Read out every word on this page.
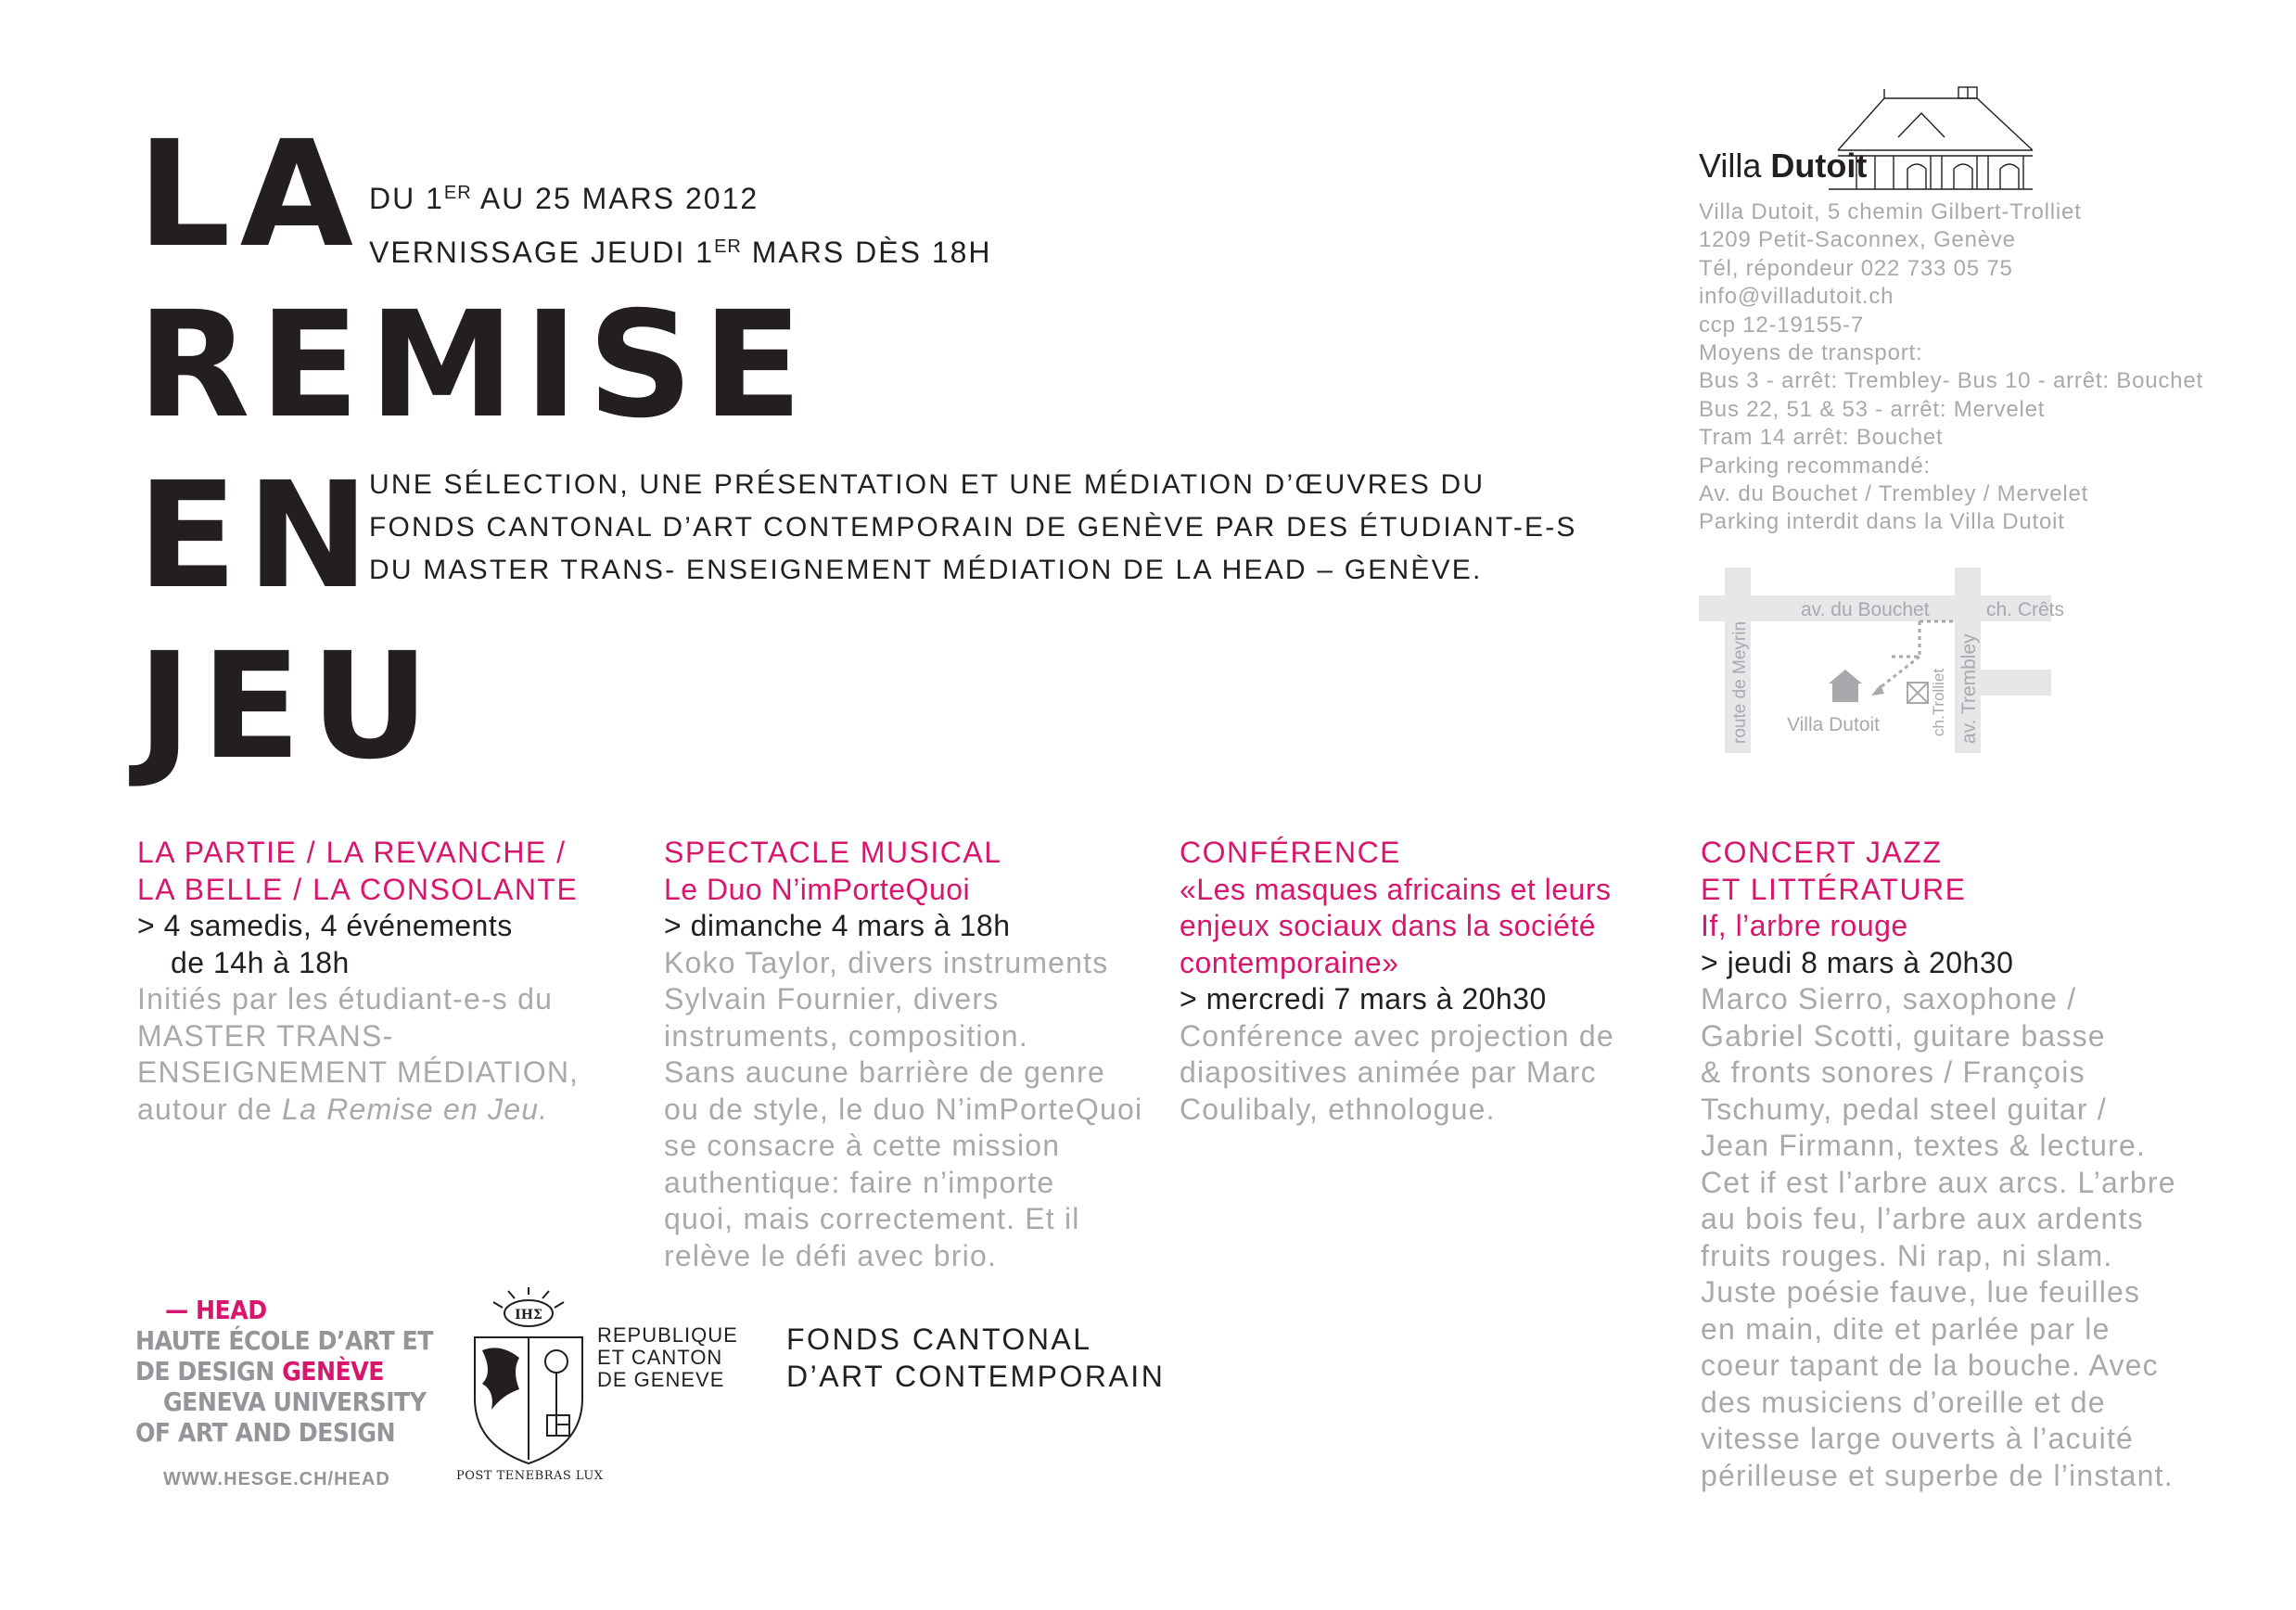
LA
REMISE
EN
JEU
DU 1ER AU 25 MARS 2012
VERNISSAGE JEUDI 1ER MARS DÈS 18H
UNE SÉLECTION, UNE PRÉSENTATION ET UNE MÉDIATION D’ŒUVRES DU
FONDS CANTONAL D’ART CONTEMPORAIN DE GENÈVE PAR DES ÉTUDIANT-E-S
DU MASTER TRANS- ENSEIGNEMENT MÉDIATION DE LA HEAD – GENÈVE.
Villa Dutoit
Villa Dutoit, 5 chemin Gilbert-Trolliet
1209 Petit-Saconnex, Genève
Tél, répondeur 022 733 05 75
info@villadutoit.ch
ccp 12-19155-7
Moyens de transport:
Bus 3 - arrêt: Trembley- Bus 10 - arrêt: Bouchet
Bus 22, 51 & 53 - arrêt: Mervelet
Tram 14 arrêt: Bouchet
Parking recommandé:
Av. du Bouchet / Trembley / Mervelet
Parking interdit dans la Villa Dutoit
av. du Bouchet	ch. Crêts
Villa Dutoit
route de Meyrin	av. Trembley
ch.Trolliet
LA PARTIE / LA REVANCHE /
LA BELLE / LA CONSOLANTE
> 4 samedis, 4 événements
de 14h à 18h
Initiés par les étudiant-e-s du
MASTER TRANS-
ENSEIGNEMENT MÉDIATION,
autour de La Remise en Jeu.
SPECTACLE MUSICAL
Le Duo N’imPorteQuoi
> dimanche 4 mars à 18h
Koko Taylor, divers instruments
Sylvain Fournier, divers
instruments, composition.
Sans aucune barrière de genre
ou de style, le duo N’imPorteQuoi
se consacre à cette mission
authentique: faire n’importe
quoi, mais correctement. Et il
relève le défi avec brio.
CONFÉRENCE
«Les masques africains et leurs
enjeux sociaux dans la société
contemporaine»
> mercredi 7 mars à 20h30
Conférence avec projection de
diapositives animée par Marc
Coulibaly, ethnologue.
CONCERT JAZZ
ET LITTÉRATURE
If, l’arbre rouge
> jeudi 8 mars à 20h30
Marco Sierro, saxophone /
Gabriel Scotti, guitare basse
& fronts sonores / François
Tschumy, pedal steel guitar /
Jean Firmann, textes & lecture.
Cet if est l’arbre aux arcs. L’arbre
au bois feu, l’arbre aux ardents
fruits rouges. Ni rap, ni slam.
Juste poésie fauve, lue feuilles
en main, dite et parlée par le
coeur tapant de la bouche. Avec
des musiciens d’oreille et de
vitesse large ouverts à l’acuité
périlleuse et superbe de l’instant.
— HEAD
HAUTE ÉCOLE D’ART ET
DE DESIGN GENÈVE
GENEVA UNIVERSITY
OF ART AND DESIGN
WWW.HESGE.CH/HEAD
IHΣ
POST TENEBRAS LUX
REPUBLIQUE
ET CANTON
DE GENEVE
FONDS CANTONAL
D’ART CONTEMPORAIN
